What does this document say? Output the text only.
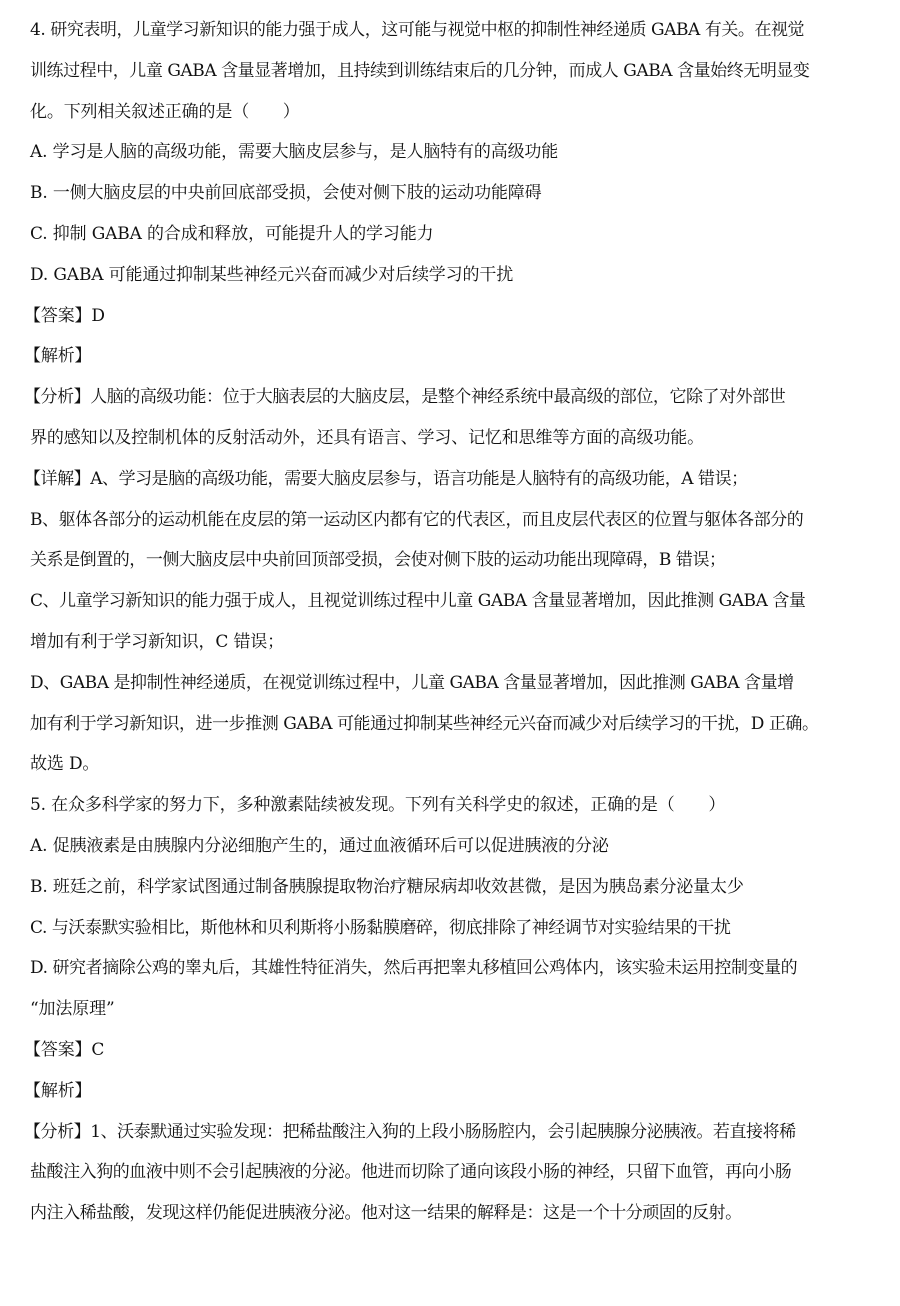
4. 研究表明，儿童学习新知识的能力强于成人，这可能与视觉中枢的抑制性神经递质 GABA 有关。在视觉
训练过程中，儿童 GABA 含量显著增加，且持续到训练结束后的几分钟，而成人 GABA 含量始终无明显变
化。下列相关叙述正确的是（　　）
A. 学习是人脑的高级功能，需要大脑皮层参与，是人脑特有的高级功能
B. 一侧大脑皮层的中央前回底部受损，会使对侧下肢的运动功能障碍
C. 抑制 GABA 的合成和释放，可能提升人的学习能力
D. GABA 可能通过抑制某些神经元兴奋而减少对后续学习的干扰
【答案】D
【解析】
【分析】人脑的高级功能：位于大脑表层的大脑皮层，是整个神经系统中最高级的部位，它除了对外部世
界的感知以及控制机体的反射活动外，还具有语言、学习、记忆和思维等方面的高级功能。
【详解】A、学习是脑的高级功能，需要大脑皮层参与，语言功能是人脑特有的高级功能，A 错误；
B、躯体各部分的运动机能在皮层的第一运动区内都有它的代表区，而且皮层代表区的位置与躯体各部分的
关系是倒置的，一侧大脑皮层中央前回顶部受损，会使对侧下肢的运动功能出现障碍，B 错误；
C、儿童学习新知识的能力强于成人，且视觉训练过程中儿童 GABA 含量显著增加，因此推测 GABA 含量
增加有利于学习新知识，C 错误；
D、GABA 是抑制性神经递质，在视觉训练过程中，儿童 GABA 含量显著增加，因此推测 GABA 含量增
加有利于学习新知识，进一步推测 GABA 可能通过抑制某些神经元兴奋而减少对后续学习的干扰，D 正确。
故选 D。
5. 在众多科学家的努力下，多种激素陆续被发现。下列有关科学史的叙述，正确的是（　　）
A. 促胰液素是由胰腺内分泌细胞产生的，通过血液循环后可以促进胰液的分泌
B. 班廷之前，科学家试图通过制备胰腺提取物治疗糖尿病却收效甚微，是因为胰岛素分泌量太少
C. 与沃泰默实验相比，斯他林和贝利斯将小肠黏膜磨碎，彻底排除了神经调节对实验结果的干扰
D. 研究者摘除公鸡的睾丸后，其雄性特征消失，然后再把睾丸移植回公鸡体内，该实验未运用控制变量的
“加法原理”
【答案】C
【解析】
【分析】1、沃泰默通过实验发现：把稀盐酸注入狗的上段小肠肠腔内，会引起胰腺分泌胰液。若直接将稀
盐酸注入狗的血液中则不会引起胰液的分泌。他进而切除了通向该段小肠的神经，只留下血管，再向小肠
内注入稀盐酸，发现这样仍能促进胰液分泌。他对这一结果的解释是：这是一个十分顽固的反射。
